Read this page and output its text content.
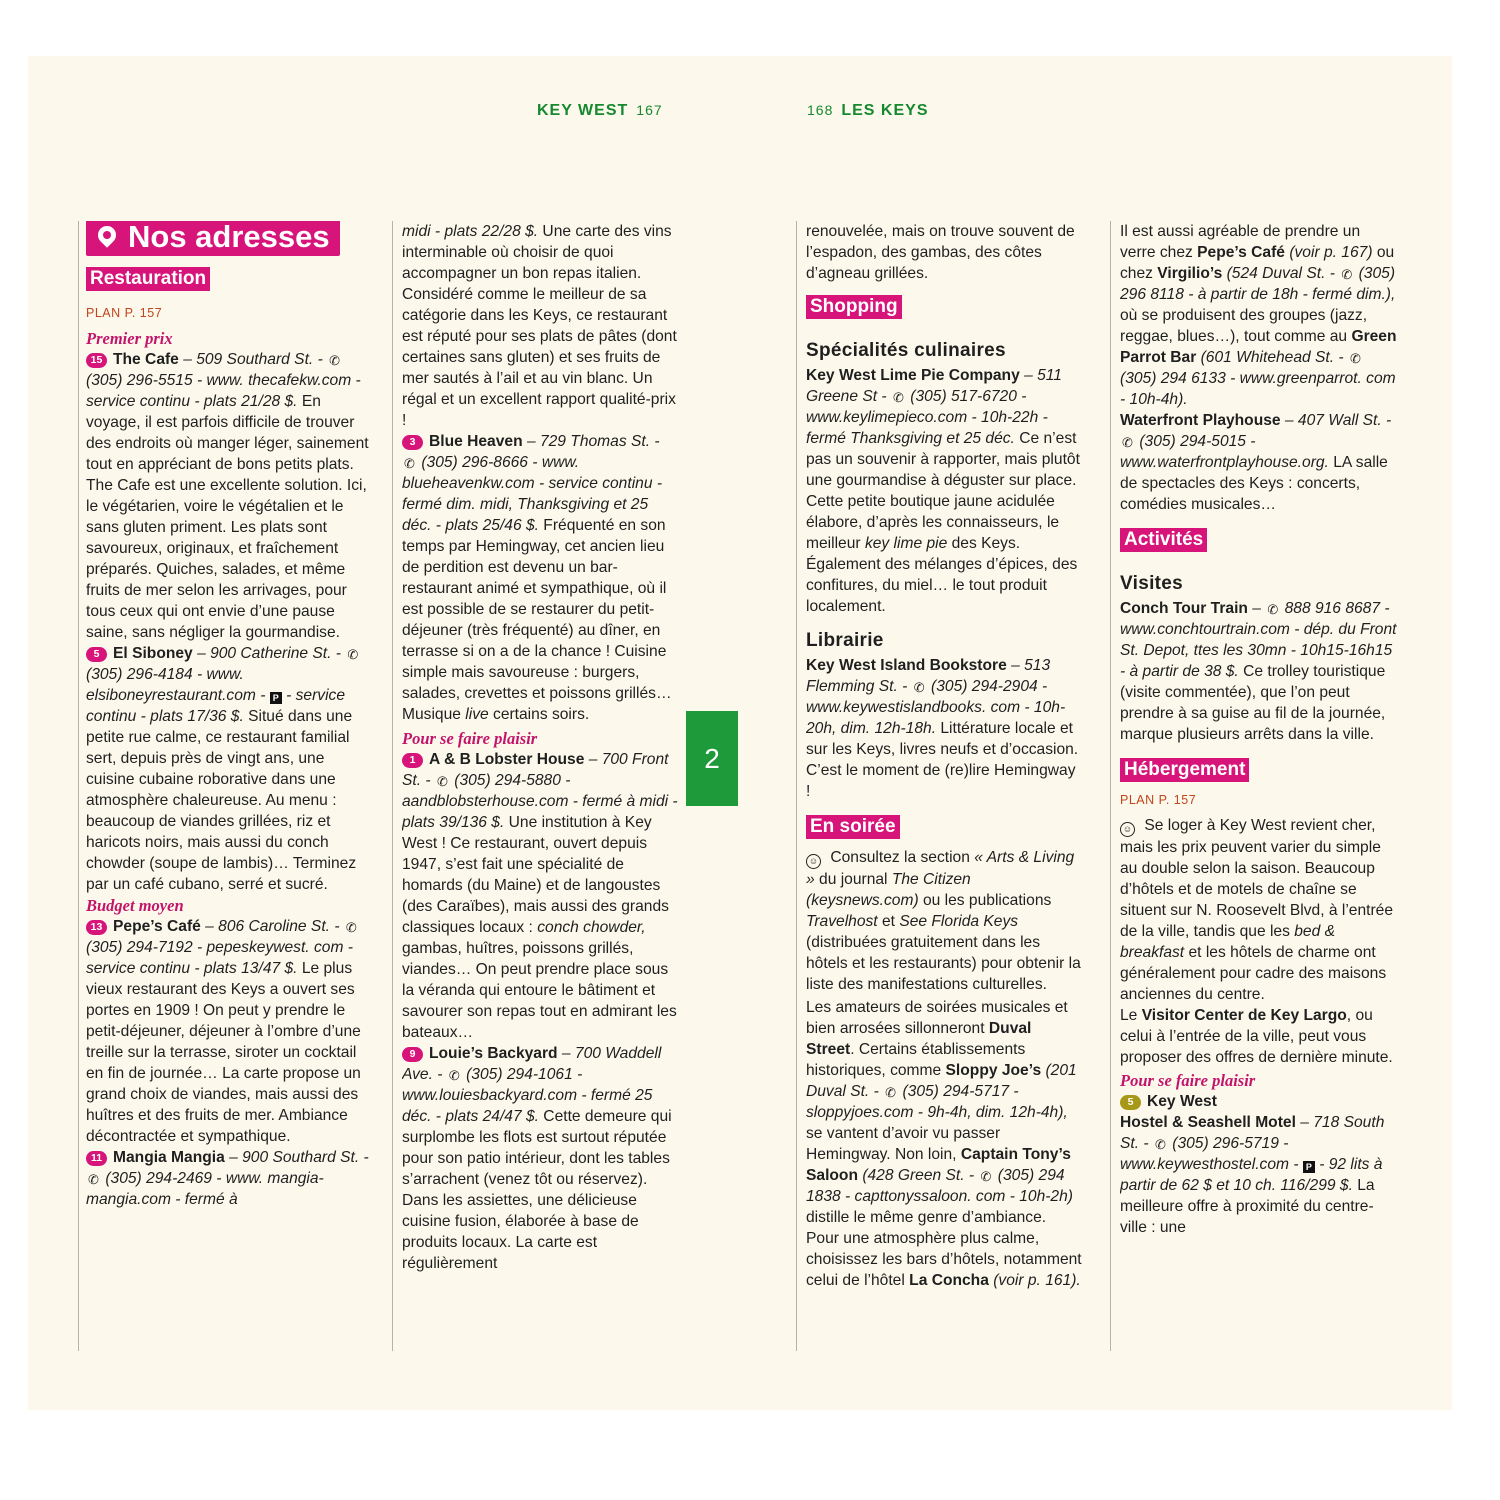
KEY WEST 167	168 LES KEYS
2
Nos adresses
Restauration
PLAN P. 157
Premier prix

15 The Cafe – 509 Southard St. - ✆ (305) 296-5515 - www. thecafekw.com - service continu - plats 21/28 $. En voyage, il est parfois difficile de trouver des endroits où manger léger, sainement tout en appréciant de bons petits plats. The Cafe est une excellente solution. Ici, le végétarien, voire le végétalien et le sans gluten priment. Les plats sont savoureux, originaux, et fraîchement préparés. Quiches, salades, et même fruits de mer selon les arrivages, pour tous ceux qui ont envie d’une pause saine, sans négliger la gourmandise.

5 El Siboney – 900 Catherine St. - ✆ (305) 296-4184 - www. elsiboneyrestaurant.com - P - service continu - plats 17/36 $. Situé dans une petite rue calme, ce restaurant familial sert, depuis près de vingt ans, une cuisine cubaine roborative dans une atmosphère chaleureuse. Au menu : beaucoup de viandes grillées, riz et haricots noirs, mais aussi du conch chowder (soupe de lambis)… Terminez par un café cubano, serré et sucré.

Budget moyen

13 Pepe’s Café – 806 Caroline St. - ✆ (305) 294-7192 - pepeskeywest. com - service continu - plats 13/47 $. Le plus vieux restaurant des Keys a ouvert ses portes en 1909 ! On peut y prendre le petit-déjeuner, déjeuner à l’ombre d’une treille sur la terrasse, siroter un cocktail en fin de journée… La carte propose un grand choix de viandes, mais aussi des huîtres et des fruits de mer. Ambiance décontractée et sympathique.

11 Mangia Mangia – 900 Southard St. - ✆ (305) 294-2469 - www. mangia-mangia.com - fermé à

midi - plats 22/28 $. Une carte des vins interminable où choisir de quoi accompagner un bon repas italien. Considéré comme le meilleur de sa catégorie dans les Keys, ce restaurant est réputé pour ses plats de pâtes (dont certaines sans gluten) et ses fruits de mer sautés à l’ail et au vin blanc. Un régal et un excellent rapport qualité-prix !

3 Blue Heaven – 729 Thomas St. - ✆ (305) 296-8666 - www. blueheavenkw.com - service continu - fermé dim. midi, Thanksgiving et 25 déc. - plats 25/46 $. Fréquenté en son temps par Hemingway, cet ancien lieu de perdition est devenu un bar-restaurant animé et sympathique, où il est possible de se restaurer du petit-déjeuner (très fréquenté) au dîner, en terrasse si on a de la chance ! Cuisine simple mais savoureuse : burgers, salades, crevettes et poissons grillés… Musique live certains soirs.

Pour se faire plaisir

1 A & B Lobster House – 700 Front St. - ✆ (305) 294-5880 - aandblobsterhouse.com - fermé à midi - plats 39/136 $. Une institution à Key West ! Ce restaurant, ouvert depuis 1947, s’est fait une spécialité de homards (du Maine) et de langoustes (des Caraïbes), mais aussi des grands classiques locaux : conch chowder, gambas, huîtres, poissons grillés, viandes… On peut prendre place sous la véranda qui entoure le bâtiment et savourer son repas tout en admirant les bateaux…

9 Louie’s Backyard – 700 Waddell Ave. - ✆ (305) 294-1061 - www.louiesbackyard.com - fermé 25 déc. - plats 24/47 $. Cette demeure qui surplombe les flots est surtout réputée pour son patio intérieur, dont les tables s’arrachent (venez tôt ou réservez). Dans les assiettes, une délicieuse cuisine fusion, élaborée à base de produits locaux. La carte est régulièrement

renouvelée, mais on trouve souvent de l’espadon, des gambas, des côtes d’agneau grillées.

Shopping
Spécialités culinaires

Key West Lime Pie Company – 511 Greene St - ✆ (305) 517-6720 - www.keylimepieco.com - 10h-22h - fermé Thanksgiving et 25 déc. Ce n’est pas un souvenir à rapporter, mais plutôt une gourmandise à déguster sur place. Cette petite boutique jaune acidulée élabore, d’après les connaisseurs, le meilleur key lime pie des Keys. Également des mélanges d’épices, des confitures, du miel… le tout produit localement.

Librairie

Key West Island Bookstore – 513 Flemming St. - ✆ (305) 294-2904 - www.keywestislandbooks. com - 10h-20h, dim. 12h-18h. Littérature locale et sur les Keys, livres neufs et d’occasion. C’est le moment de (re)lire Hemingway !

En soirée

☺ Consultez la section « Arts & Living » du journal The Citizen (keysnews.com) ou les publications Travelhost et See Florida Keys (distribuées gratuitement dans les hôtels et les restaurants) pour obtenir la liste des manifestations culturelles.

Les amateurs de soirées musicales et bien arrosées sillonneront Duval Street. Certains établissements historiques, comme Sloppy Joe’s (201 Duval St. - ✆ (305) 294-5717 - sloppyjoes.com - 9h-4h, dim. 12h-4h), se vantent d’avoir vu passer Hemingway. Non loin, Captain Tony’s Saloon (428 Green St. - ✆ (305) 294 1838 - capttonyssaloon. com - 10h-2h) distille le même genre d’ambiance. Pour une atmosphère plus calme, choisissez les bars d’hôtels, notamment celui de l’hôtel La Concha (voir p. 161).

Il est aussi agréable de prendre un verre chez Pepe’s Café (voir p. 167) ou chez Virgilio’s (524 Duval St. - ✆ (305) 296 8118 - à partir de 18h - fermé dim.), où se produisent des groupes (jazz, reggae, blues…), tout comme au Green Parrot Bar (601 Whitehead St. - ✆ (305) 294 6133 - www.greenparrot. com - 10h-4h).

Waterfront Playhouse – 407 Wall St. - ✆ (305) 294-5015 - www.waterfrontplayhouse.org. LA salle de spectacles des Keys : concerts, comédies musicales…

Activités
Visites

Conch Tour Train – ✆ 888 916 8687 - www.conchtourtrain.com - dép. du Front St. Depot, ttes les 30mn - 10h15-16h15 - à partir de 38 $. Ce trolley touristique (visite commentée), que l’on peut prendre à sa guise au fil de la journée, marque plusieurs arrêts dans la ville.

Hébergement
PLAN P. 157

☺ Se loger à Key West revient cher, mais les prix peuvent varier du simple au double selon la saison. Beaucoup d’hôtels et de motels de chaîne se situent sur N. Roosevelt Blvd, à l’entrée de la ville, tandis que les bed & breakfast et les hôtels de charme ont généralement pour cadre des maisons anciennes du centre.

Le Visitor Center de Key Largo, ou celui à l’entrée de la ville, peut vous proposer des offres de dernière minute.

Pour se faire plaisir

5 Key West
Hostel & Seashell Motel – 718 South St. - ✆ (305) 296-5719 - www.keywesthostel.com - P - 92 lits à partir de 62 $ et 10 ch. 116/299 $. La meilleure offre à proximité du centre-ville : une
